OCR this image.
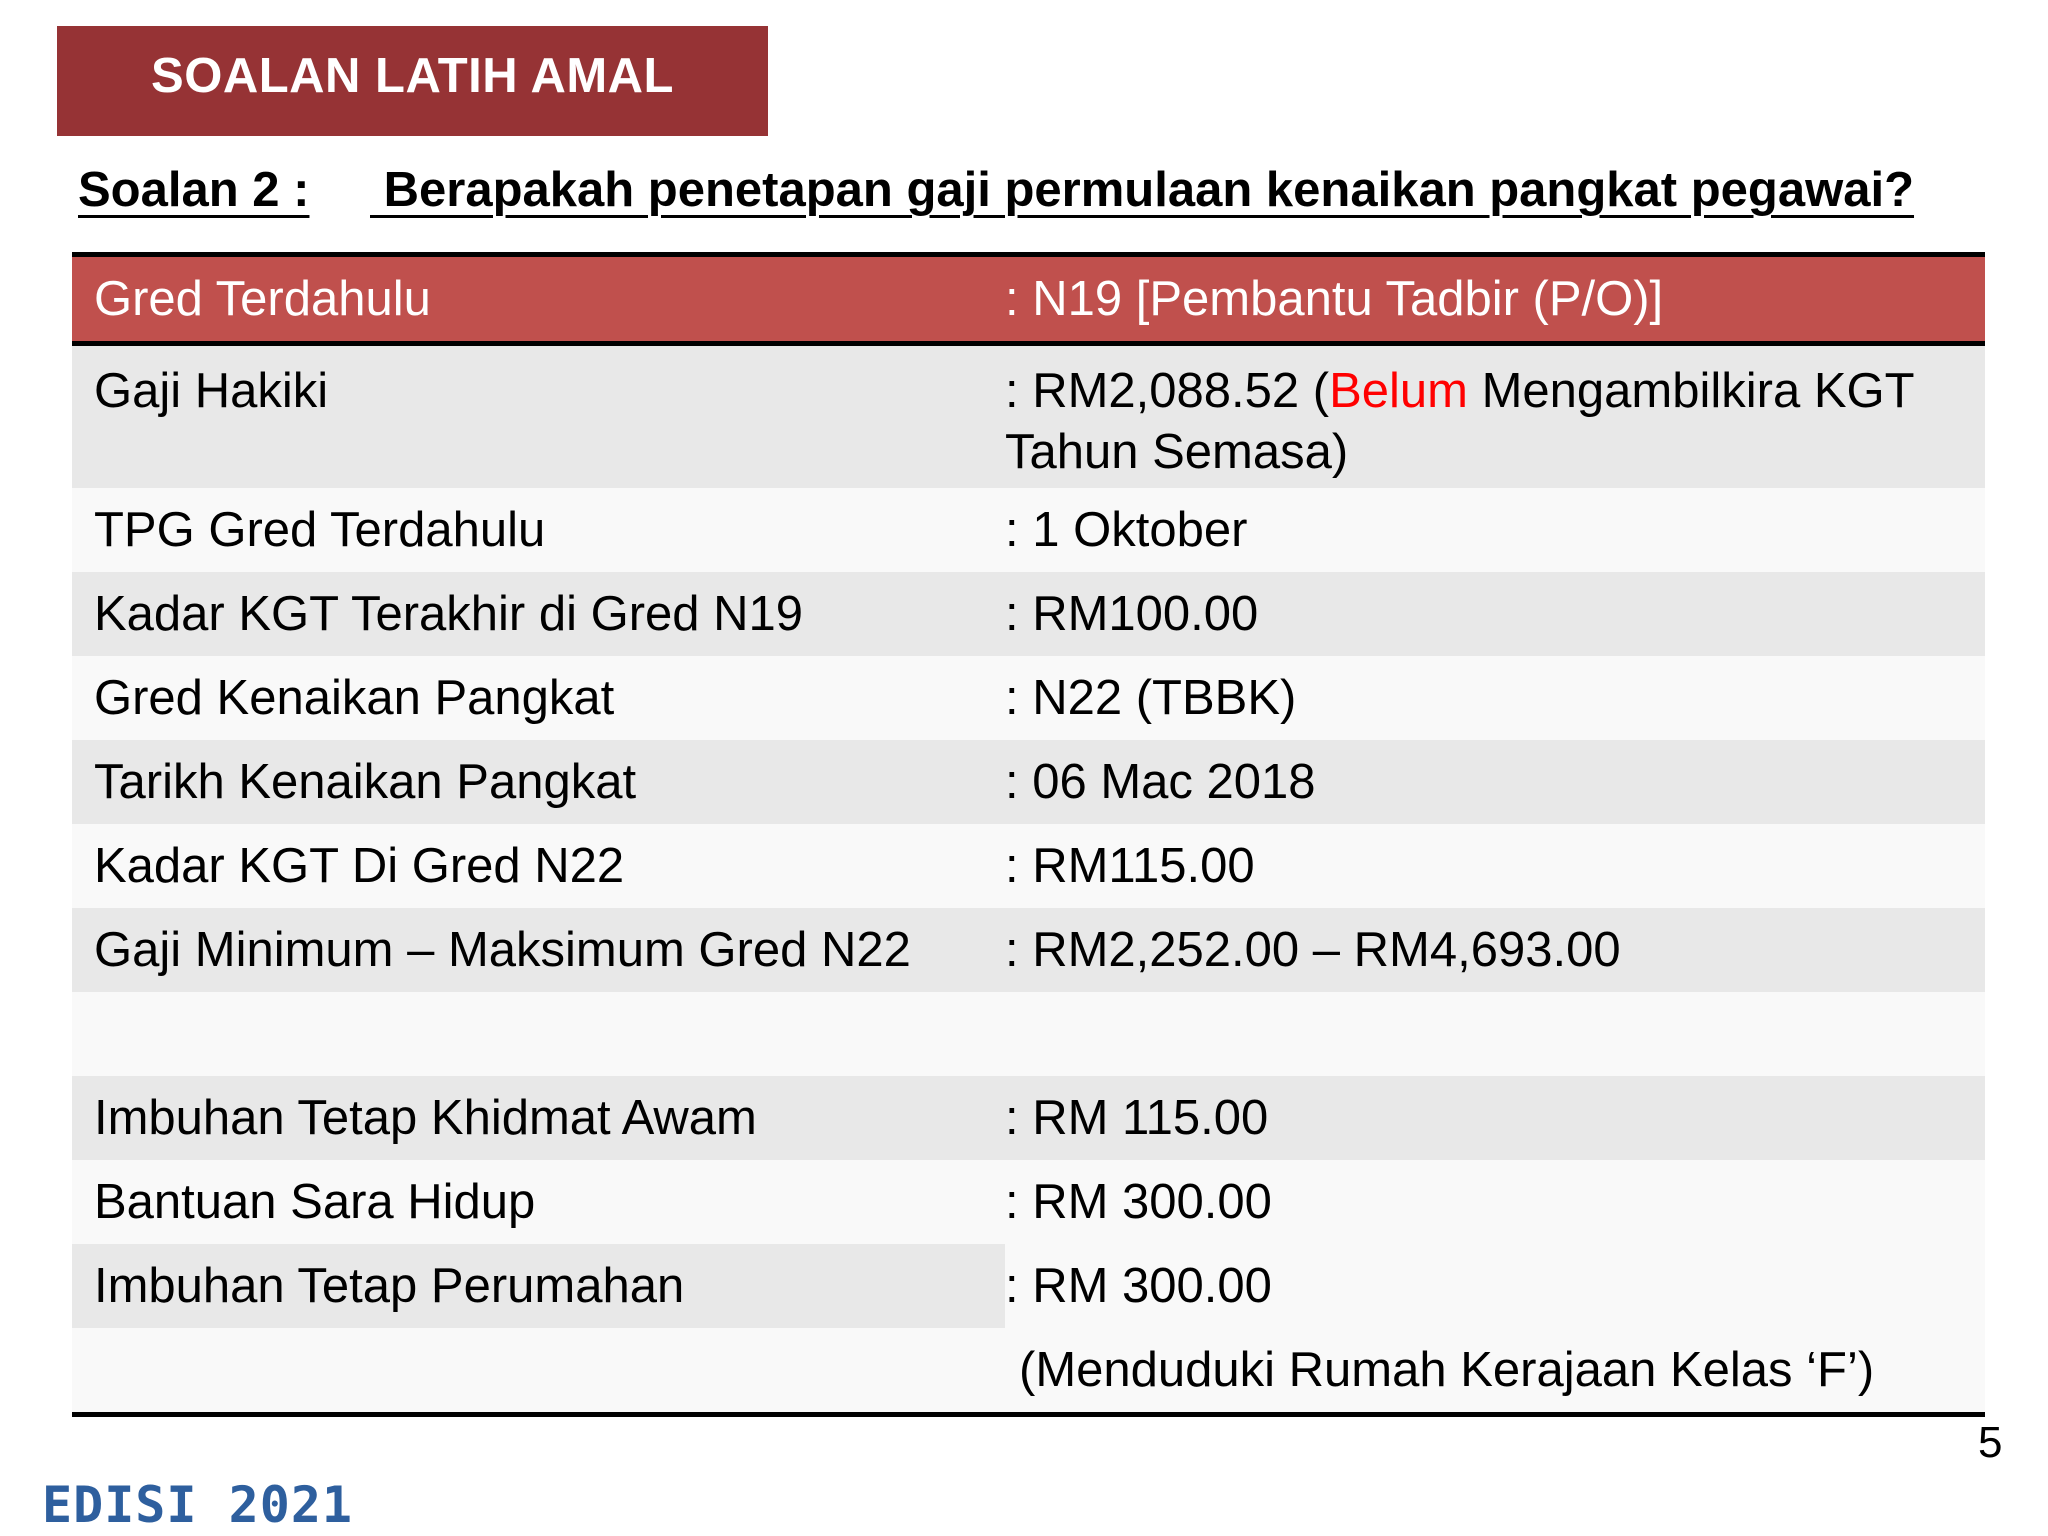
SOALAN LATIH AMAL
Soalan 2 : Berapakah penetapan gaji permulaan kenaikan pangkat pegawai?
Gred Terdahulu	: N19 [Pembantu Tadbir (P/O)]
Gaji Hakiki	: RM2,088.52 (Belum Mengambilkira KGT Tahun Semasa)
TPG Gred Terdahulu	: 1 Oktober
Kadar KGT Terakhir di Gred N19	: RM100.00
Gred Kenaikan Pangkat	: N22 (TBBK)
Tarikh Kenaikan Pangkat	: 06 Mac 2018
Kadar KGT Di Gred N22	: RM115.00
Gaji Minimum – Maksimum Gred N22	: RM2,252.00 – RM4,693.00
Imbuhan Tetap Khidmat Awam	: RM 115.00
Bantuan Sara Hidup	: RM 300.00
Imbuhan Tetap Perumahan	: RM 300.00
(Menduduki Rumah Kerajaan Kelas ‘F’)
5
EDISI 2021
